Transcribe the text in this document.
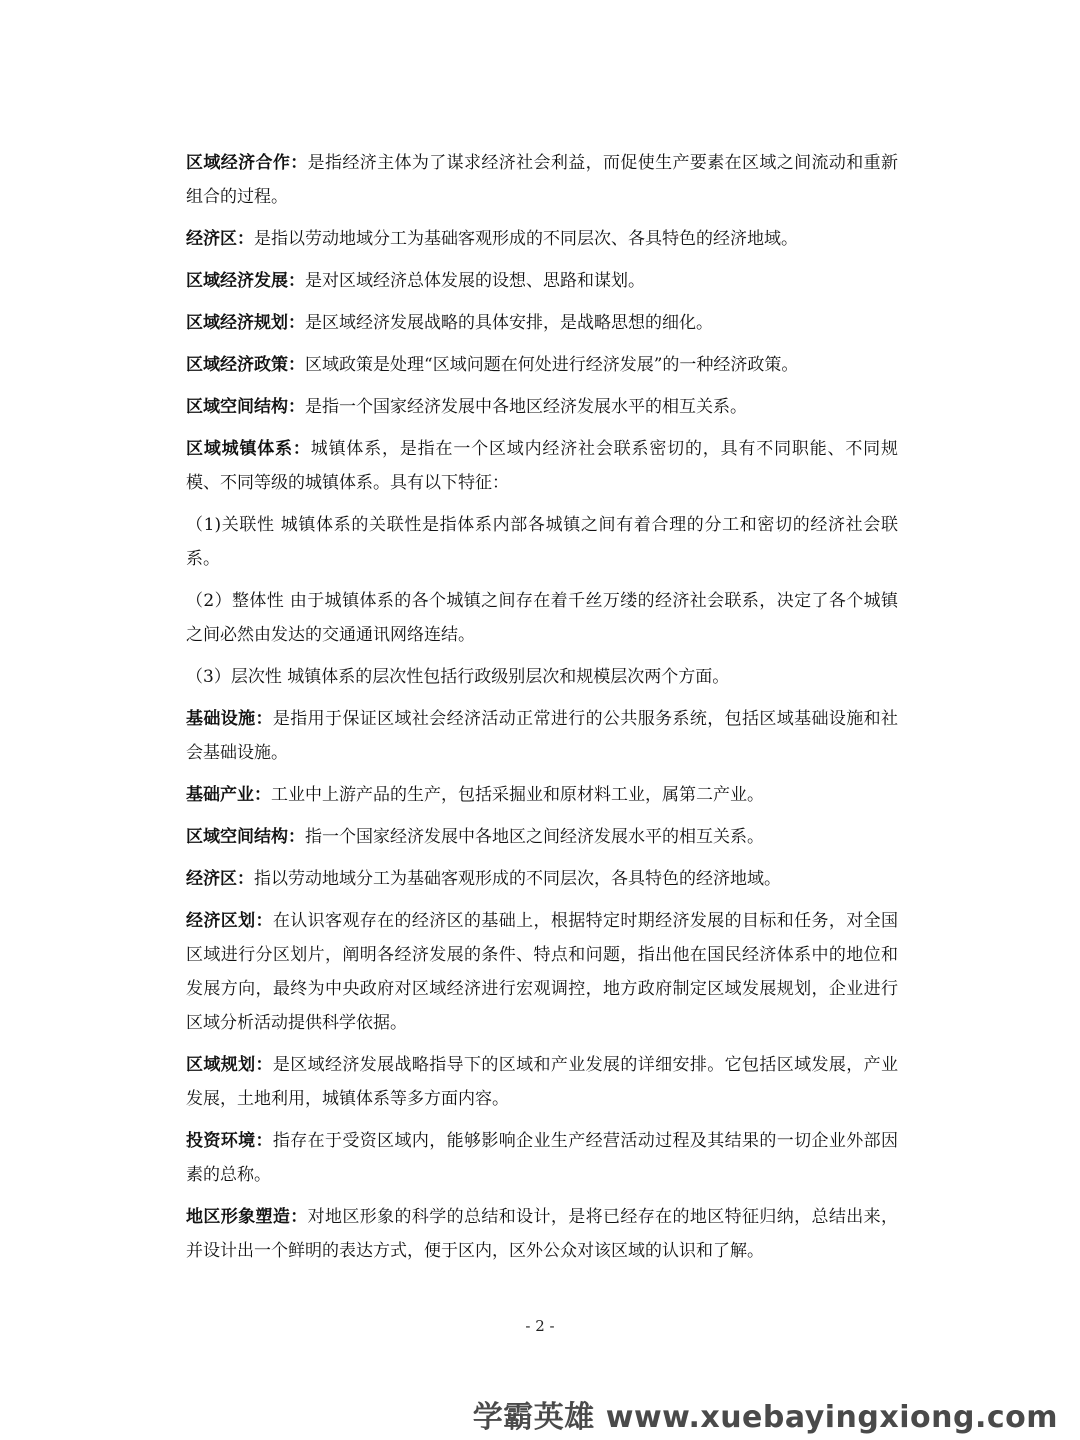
区域经济合作：是指经济主体为了谋求经济社会利益，而促使生产要素在区域之间流动和重新组合的过程。

经济区：是指以劳动地域分工为基础客观形成的不同层次、各具特色的经济地域。

区域经济发展：是对区域经济总体发展的设想、思路和谋划。

区域经济规划：是区域经济发展战略的具体安排，是战略思想的细化。

区域经济政策：区域政策是处理“区域问题在何处进行经济发展”的一种经济政策。

区域空间结构：是指一个国家经济发展中各地区经济发展水平的相互关系。

区域城镇体系：城镇体系，是指在一个区域内经济社会联系密切的，具有不同职能、不同规模、不同等级的城镇体系。具有以下特征：

（1)关联性 城镇体系的关联性是指体系内部各城镇之间有着合理的分工和密切的经济社会联系。

（2）整体性 由于城镇体系的各个城镇之间存在着千丝万缕的经济社会联系，决定了各个城镇之间必然由发达的交通通讯网络连结。

（3）层次性 城镇体系的层次性包括行政级别层次和规模层次两个方面。

基础设施：是指用于保证区域社会经济活动正常进行的公共服务系统，包括区域基础设施和社会基础设施。

基础产业：工业中上游产品的生产，包括采掘业和原材料工业，属第二产业。

区域空间结构：指一个国家经济发展中各地区之间经济发展水平的相互关系。

经济区：指以劳动地域分工为基础客观形成的不同层次，各具特色的经济地域。

经济区划：在认识客观存在的经济区的基础上，根据特定时期经济发展的目标和任务，对全国区域进行分区划片，阐明各经济发展的条件、特点和问题，指出他在国民经济体系中的地位和发展方向，最终为中央政府对区域经济进行宏观调控，地方政府制定区域发展规划，企业进行区域分析活动提供科学依据。

区域规划：是区域经济发展战略指导下的区域和产业发展的详细安排。它包括区域发展，产业发展，土地利用，城镇体系等多方面内容。

投资环境：指存在于受资区域内，能够影响企业生产经营活动过程及其结果的一切企业外部因素的总称。

地区形象塑造：对地区形象的科学的总结和设计，是将已经存在的地区特征归纳，总结出来，并设计出一个鲜明的表达方式，便于区内，区外公众对该区域的认识和了解。

- 2 -
学霸英雄 www.xuebayingxiong.com
